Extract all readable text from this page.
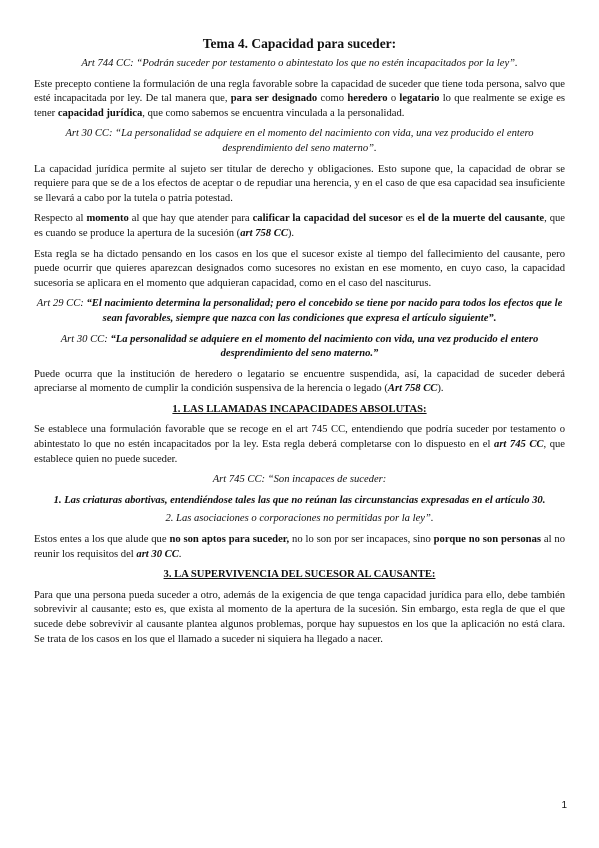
Tema 4. Capacidad para suceder:
Art 744 CC: “Podrán suceder por testamento o abintestato los que no estén incapacitados por la ley”.
Este precepto contiene la formulación de una regla favorable sobre la capacidad de suceder que tiene toda persona, salvo que esté incapacitada por ley. De tal manera que, para ser designado como heredero o legatario lo que realmente se exige es tener capacidad jurídica, que como sabemos se encuentra vinculada a la personalidad.
Art 30 CC: “La personalidad se adquiere en el momento del nacimiento con vida, una vez producido el entero desprendimiento del seno materno”.
La capacidad jurídica permite al sujeto ser titular de derecho y obligaciones. Esto supone que, la capacidad de obrar se requiere para que se de a los efectos de aceptar o de repudiar una herencia, y en el caso de que esa capacidad sea insuficiente se llevará a cabo por la tutela o patria potestad.
Respecto al momento al que hay que atender para calificar la capacidad del sucesor es el de la muerte del causante, que es cuando se produce la apertura de la sucesión (art 758 CC).
Esta regla se ha dictado pensando en los casos en los que el sucesor existe al tiempo del fallecimiento del causante, pero puede ocurrir que quieres aparezcan designados como sucesores no existan en ese momento, en cuyo caso, la capacidad sucesoria se aplicara en el momento que adquieran capacidad, como en el caso del nasciturus.
Art 29 CC: “El nacimiento determina la personalidad; pero el concebido se tiene por nacido para todos los efectos que le sean favorables, siempre que nazca con las condiciones que expresa el artículo siguiente”.
Art 30 CC: “La personalidad se adquiere en el momento del nacimiento con vida, una vez producido el entero desprendimiento del seno materno.”
Puede ocurra que la institución de heredero o legatario se encuentre suspendida, así, la capacidad de suceder deberá apreciarse al momento de cumplir la condición suspensiva de la herencia o legado (Art 758 CC).
1. LAS LLAMADAS INCAPACIDADES ABSOLUTAS:
Se establece una formulación favorable que se recoge en el art 745 CC, entendiendo que podría suceder por testamento o abintestato lo que no estén incapacitados por la ley. Esta regla deberá completarse con lo dispuesto en el art 745 CC, que establece quien no puede suceder.
Art 745 CC: “Son incapaces de suceder:
1. Las criaturas abortivas, entendiéndose tales las que no reúnan las circunstancias expresadas en el artículo 30.
2. Las asociaciones o corporaciones no permitidas por la ley”.
Estos entes a los que alude que no son aptos para suceder, no lo son por ser incapaces, sino porque no son personas al no reunir los requisitos del art 30 CC.
3. LA SUPERVIVENCIA DEL SUCESOR AL CAUSANTE:
Para que una persona pueda suceder a otro, además de la exigencia de que tenga capacidad jurídica para ello, debe también sobrevivir al causante; esto es, que exista al momento de la apertura de la sucesión. Sin embargo, esta regla de que el que sucede debe sobrevivir al causante plantea algunos problemas, porque hay supuestos en los que la aplicación no está clara. Se trata de los casos en los que el llamado a suceder ni siquiera ha llegado a nacer.
1
